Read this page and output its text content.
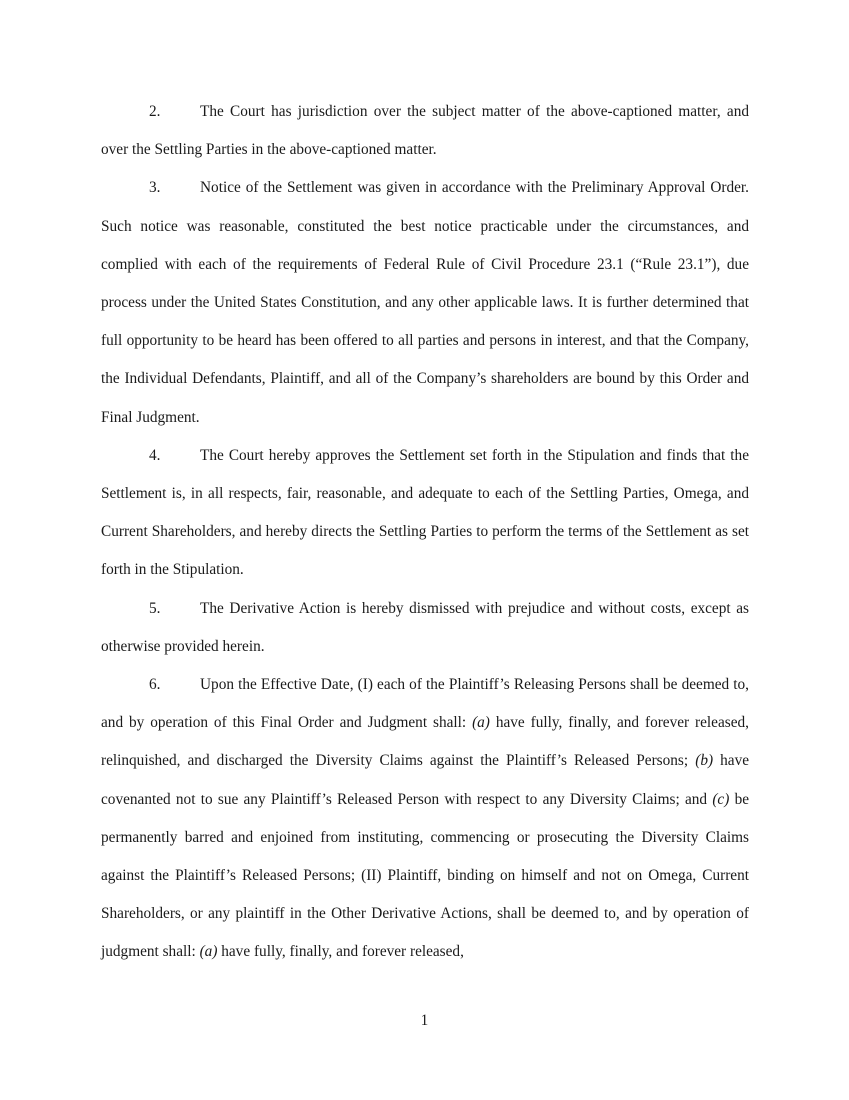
2.	The Court has jurisdiction over the subject matter of the above-captioned matter, and over the Settling Parties in the above-captioned matter.

3.	Notice of the Settlement was given in accordance with the Preliminary Approval Order. Such notice was reasonable, constituted the best notice practicable under the circumstances, and complied with each of the requirements of Federal Rule of Civil Procedure 23.1 (“Rule 23.1”), due process under the United States Constitution, and any other applicable laws. It is further determined that full opportunity to be heard has been offered to all parties and persons in interest, and that the Company, the Individual Defendants, Plaintiff, and all of the Company’s shareholders are bound by this Order and Final Judgment.

4.	The Court hereby approves the Settlement set forth in the Stipulation and finds that the Settlement is, in all respects, fair, reasonable, and adequate to each of the Settling Parties, Omega, and Current Shareholders, and hereby directs the Settling Parties to perform the terms of the Settlement as set forth in the Stipulation.

5.	The Derivative Action is hereby dismissed with prejudice and without costs, except as otherwise provided herein.

6.	Upon the Effective Date, (I) each of the Plaintiff’s Releasing Persons shall be deemed to, and by operation of this Final Order and Judgment shall: (a) have fully, finally, and forever released, relinquished, and discharged the Diversity Claims against the Plaintiff’s Released Persons; (b) have covenanted not to sue any Plaintiff’s Released Person with respect to any Diversity Claims; and (c) be permanently barred and enjoined from instituting, commencing or prosecuting the Diversity Claims against the Plaintiff’s Released Persons; (II) Plaintiff, binding on himself and not on Omega, Current Shareholders, or any plaintiff in the Other Derivative Actions, shall be deemed to, and by operation of judgment shall: (a) have fully, finally, and forever released,

1
